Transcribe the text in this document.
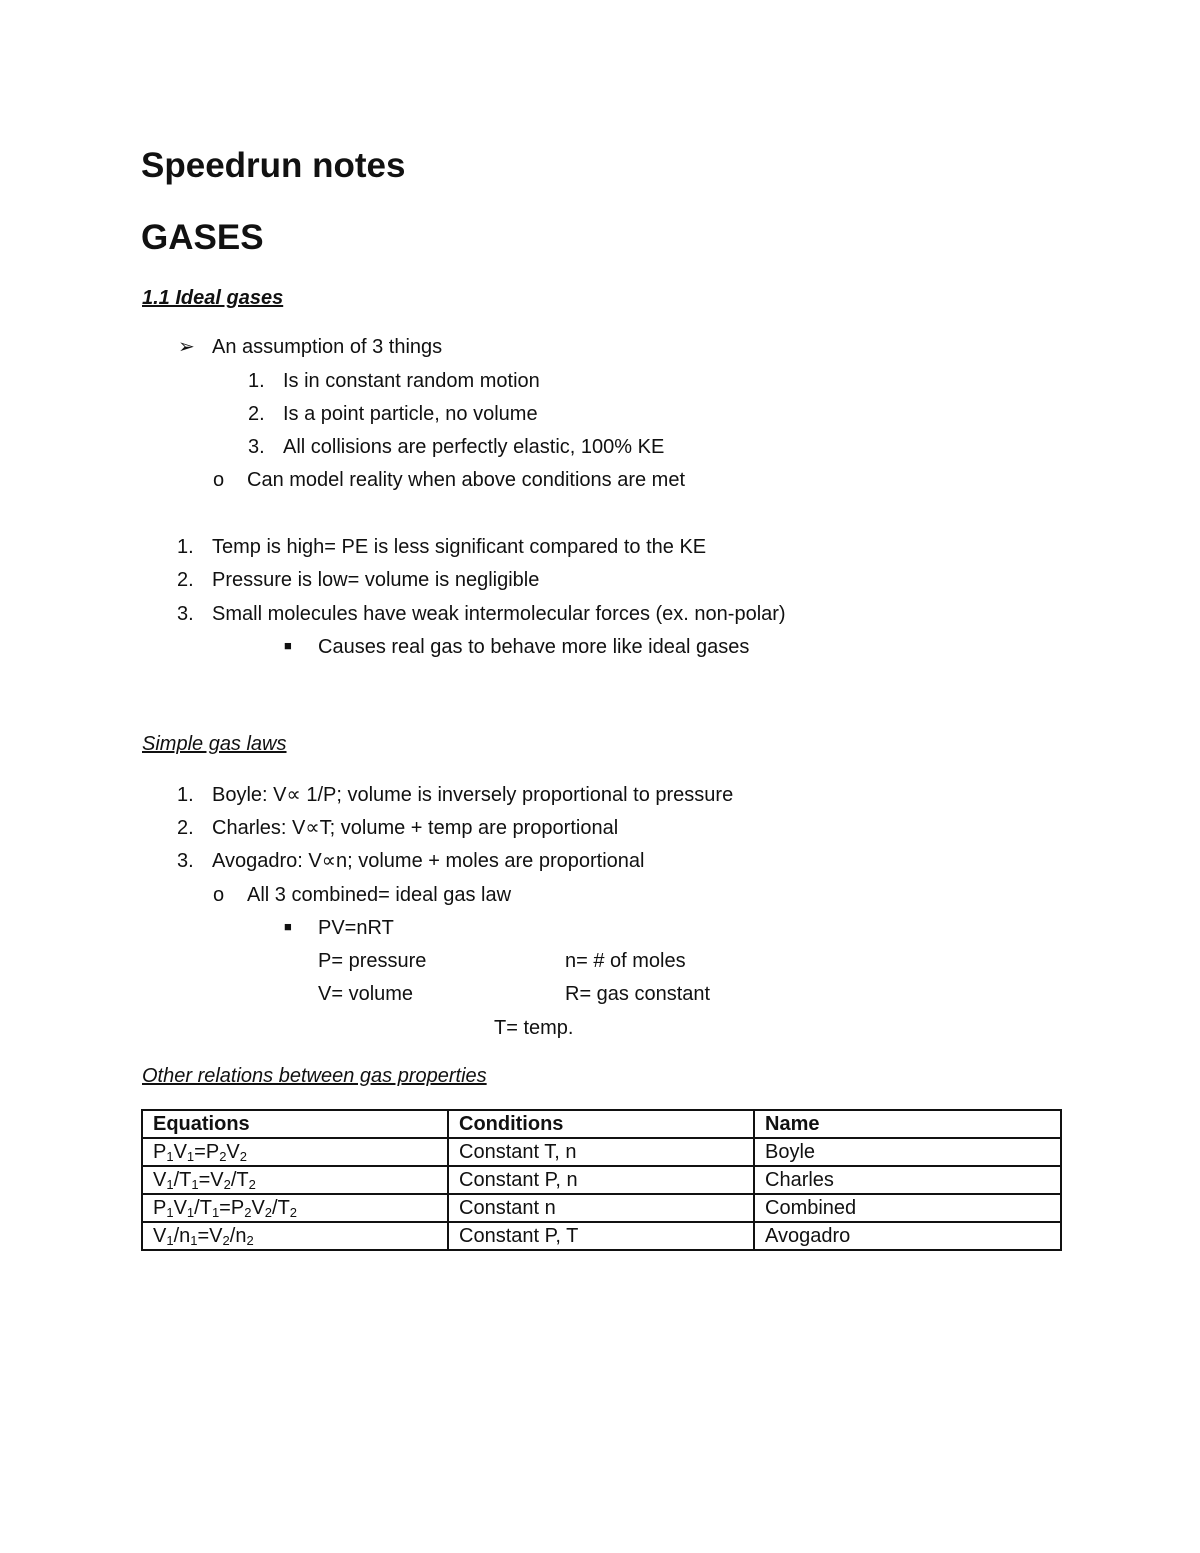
Speedrun notes
GASES
1.1 Ideal gases
➢ An assumption of 3 things
1. Is in constant random motion
2. Is a point particle, no volume
3. All collisions are perfectly elastic, 100% KE
o Can model reality when above conditions are met
1. Temp is high= PE is less significant compared to the KE
2. Pressure is low= volume is negligible
3. Small molecules have weak intermolecular forces (ex. non-polar)
■ Causes real gas to behave more like ideal gases
Simple gas laws
1. Boyle: V∝ 1/P; volume is inversely proportional to pressure
2. Charles: V∝T; volume + temp are proportional
3. Avogadro: V∝n; volume + moles are proportional
o All 3 combined= ideal gas law
■ PV=nRT
P= pressure	n= # of moles
V= volume	R= gas constant
T= temp.
Other relations between gas properties
Equations	Conditions	Name
$P_1V_1=P_2V_2$	Constant T, n	Boyle
$V_1/T_1=V_2/T_2$	Constant P, n	Charles
$P_1V_1/T_1=P_2V_2/T_2$	Constant n	Combined
$V_1/n_1=V_2/n_2$	Constant P, T	Avogadro
